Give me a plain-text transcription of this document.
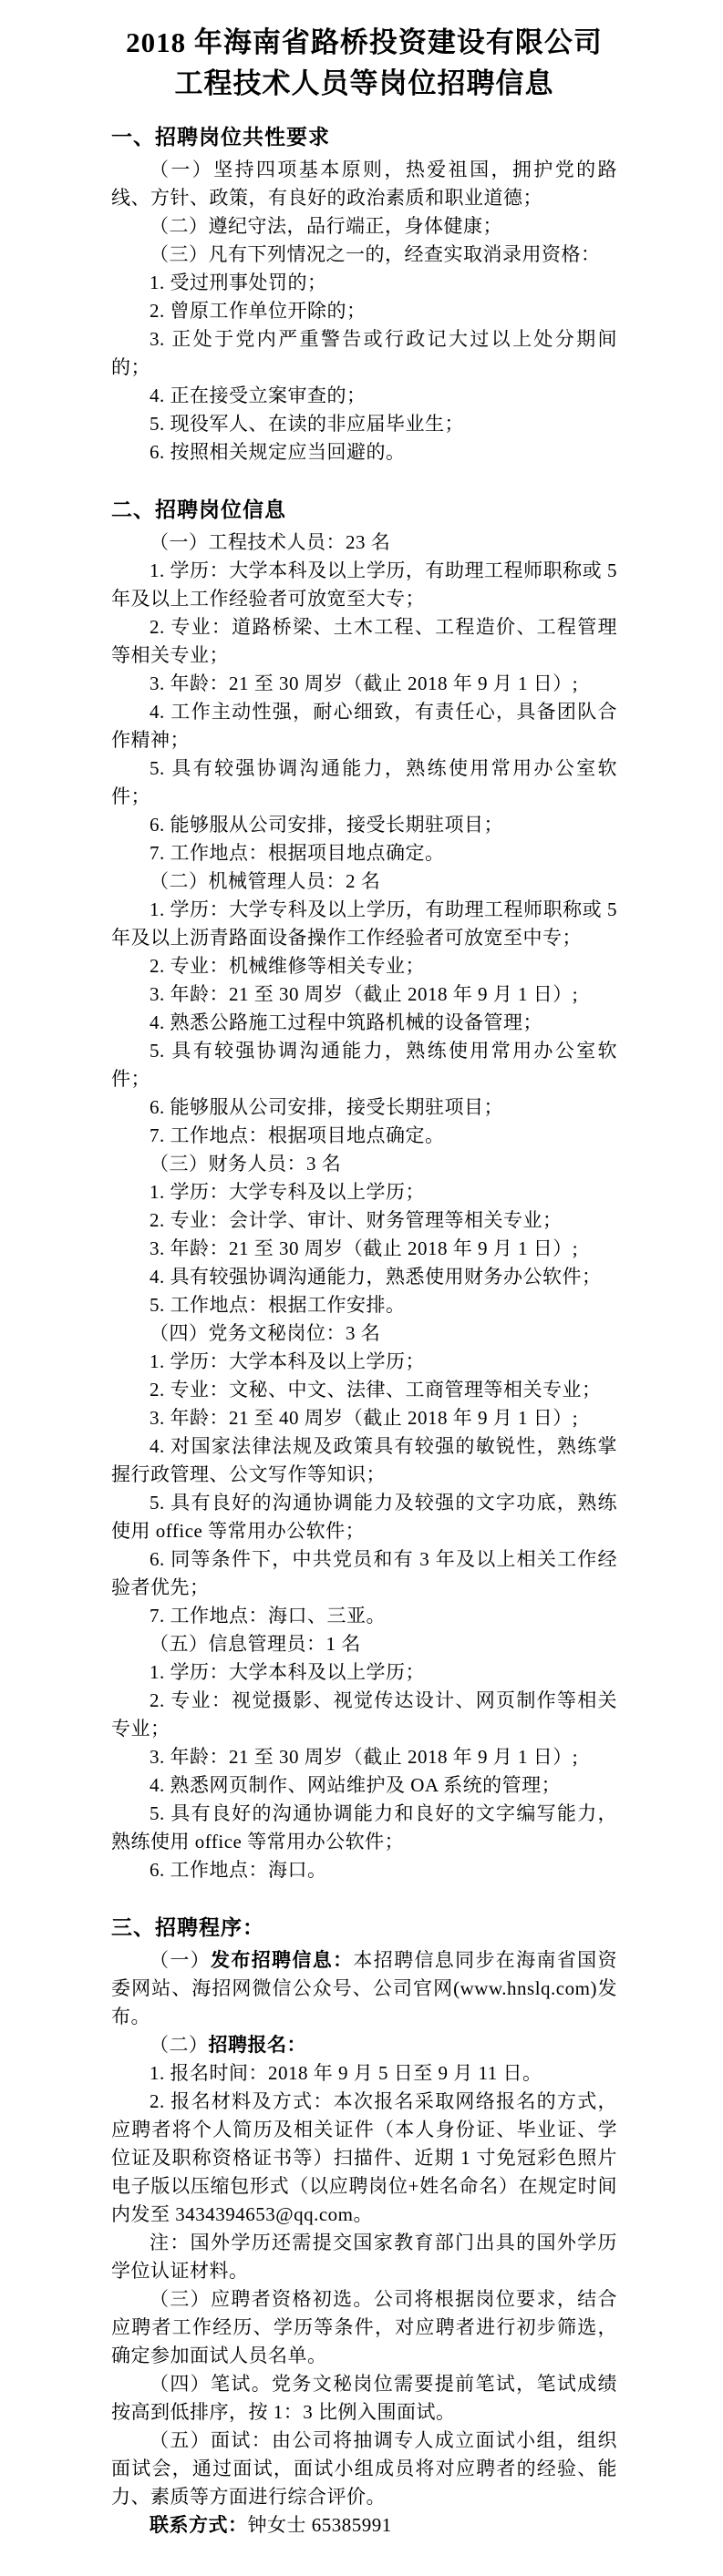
2018 年海南省路桥投资建设有限公司
工程技术人员等岗位招聘信息
一、招聘岗位共性要求

（一）坚持四项基本原则，热爱祖国，拥护党的路线、方针、政策，有良好的政治素质和职业道德；

（二）遵纪守法，品行端正，身体健康；

（三）凡有下列情况之一的，经查实取消录用资格：

1. 受过刑事处罚的；

2. 曾原工作单位开除的；

3. 正处于党内严重警告或行政记大过以上处分期间的；

4. 正在接受立案审查的；

5. 现役军人、在读的非应届毕业生；

6. 按照相关规定应当回避的。

二、招聘岗位信息

（一）工程技术人员：23 名

1. 学历：大学本科及以上学历，有助理工程师职称或 5 年及以上工作经验者可放宽至大专；

2. 专业：道路桥梁、土木工程、工程造价、工程管理等相关专业；

3. 年龄：21 至 30 周岁（截止 2018 年 9 月 1 日）;

4. 工作主动性强，耐心细致，有责任心，具备团队合作精神；

5. 具有较强协调沟通能力，熟练使用常用办公室软件；

6. 能够服从公司安排，接受长期驻项目；

7. 工作地点：根据项目地点确定。

（二）机械管理人员：2 名

1. 学历：大学专科及以上学历，有助理工程师职称或 5 年及以上沥青路面设备操作工作经验者可放宽至中专；

2. 专业：机械维修等相关专业；

3. 年龄：21 至 30 周岁（截止 2018 年 9 月 1 日）;

4. 熟悉公路施工过程中筑路机械的设备管理；

5. 具有较强协调沟通能力，熟练使用常用办公室软件；

6. 能够服从公司安排，接受长期驻项目；

7. 工作地点：根据项目地点确定。

（三）财务人员：3 名

1. 学历：大学专科及以上学历；

2. 专业：会计学、审计、财务管理等相关专业；

3. 年龄：21 至 30 周岁（截止 2018 年 9 月 1 日）;

4. 具有较强协调沟通能力，熟悉使用财务办公软件；

5. 工作地点：根据工作安排。

（四）党务文秘岗位：3 名

1. 学历：大学本科及以上学历；

2. 专业：文秘、中文、法律、工商管理等相关专业；

3. 年龄：21 至 40 周岁（截止 2018 年 9 月 1 日）;

4. 对国家法律法规及政策具有较强的敏锐性，熟练掌握行政管理、公文写作等知识；

5. 具有良好的沟通协调能力及较强的文字功底，熟练使用 office 等常用办公软件；

6. 同等条件下，中共党员和有 3 年及以上相关工作经验者优先；

7. 工作地点：海口、三亚。

（五）信息管理员：1 名

1. 学历：大学本科及以上学历；

2. 专业：视觉摄影、视觉传达设计、网页制作等相关专业；

3. 年龄：21 至 30 周岁（截止 2018 年 9 月 1 日）;

4. 熟悉网页制作、网站维护及 OA 系统的管理；

5. 具有良好的沟通协调能力和良好的文字编写能力，熟练使用 office 等常用办公软件；

6. 工作地点：海口。

三、招聘程序：

（一）发布招聘信息：本招聘信息同步在海南省国资委网站、海招网微信公众号、公司官网(www.hnslq.com)发布。

（二）招聘报名：

1. 报名时间：2018 年 9 月 5 日至 9 月 11 日。

2. 报名材料及方式：本次报名采取网络报名的方式，应聘者将个人简历及相关证件（本人身份证、毕业证、学位证及职称资格证书等）扫描件、近期 1 寸免冠彩色照片电子版以压缩包形式（以应聘岗位+姓名命名）在规定时间内发至 3434394653@qq.com。

注：国外学历还需提交国家教育部门出具的国外学历学位认证材料。

（三）应聘者资格初选。公司将根据岗位要求，结合应聘者工作经历、学历等条件，对应聘者进行初步筛选，确定参加面试人员名单。

（四）笔试。党务文秘岗位需要提前笔试，笔试成绩按高到低排序，按 1：3 比例入围面试。

（五）面试：由公司将抽调专人成立面试小组，组织面试会，通过面试，面试小组成员将对应聘者的经验、能力、素质等方面进行综合评价。

联系方式：钟女士 65385991
